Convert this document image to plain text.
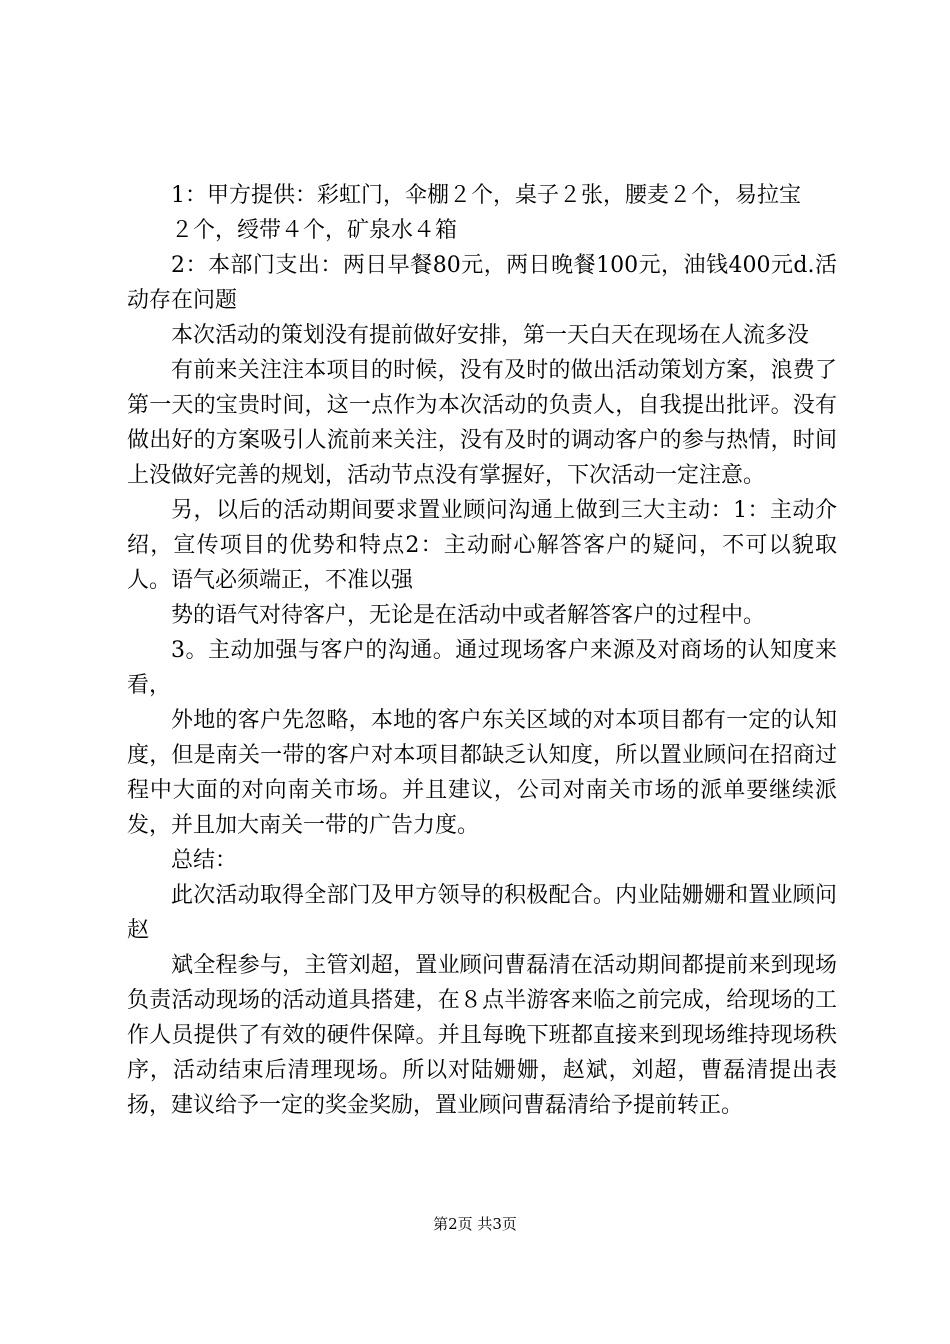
1：甲方提供：彩虹门，伞棚２个，桌子２张，腰麦２个，易拉宝

２个，绶带４个，矿泉水４箱

2：本部门支出：两日早餐80元，两日晚餐100元，油钱400元d.活动存在问题

本次活动的策划没有提前做好安排，第一天白天在现场在人流多没

有前来关注注本项目的时候，没有及时的做出活动策划方案，浪费了第一天的宝贵时间，这一点作为本次活动的负责人，自我提出批评。没有做出好的方案吸引人流前来关注，没有及时的调动客户的参与热情，时间上没做好完善的规划，活动节点没有掌握好，下次活动一定注意。

另，以后的活动期间要求置业顾问沟通上做到三大主动：1：主动介绍，宣传项目的优势和特点2：主动耐心解答客户的疑问，不可以貌取人。语气必须端正，不准以强

势的语气对待客户，无论是在活动中或者解答客户的过程中。

3。主动加强与客户的沟通。通过现场客户来源及对商场的认知度来看，

外地的客户先忽略，本地的客户东关区域的对本项目都有一定的认知度，但是南关一带的客户对本项目都缺乏认知度，所以置业顾问在招商过程中大面的对向南关市场。并且建议，公司对南关市场的派单要继续派发，并且加大南关一带的广告力度。

总结：

此次活动取得全部门及甲方领导的积极配合。内业陆姗姗和置业顾问赵

斌全程参与，主管刘超，置业顾问曹磊清在活动期间都提前来到现场负责活动现场的活动道具搭建，在８点半游客来临之前完成，给现场的工作人员提供了有效的硬件保障。并且每晚下班都直接来到现场维持现场秩序，活动结束后清理现场。所以对陆姗姗，赵斌，刘超，曹磊清提出表扬，建议给予一定的奖金奖励，置业顾问曹磊清给予提前转正。

第2页 共3页
